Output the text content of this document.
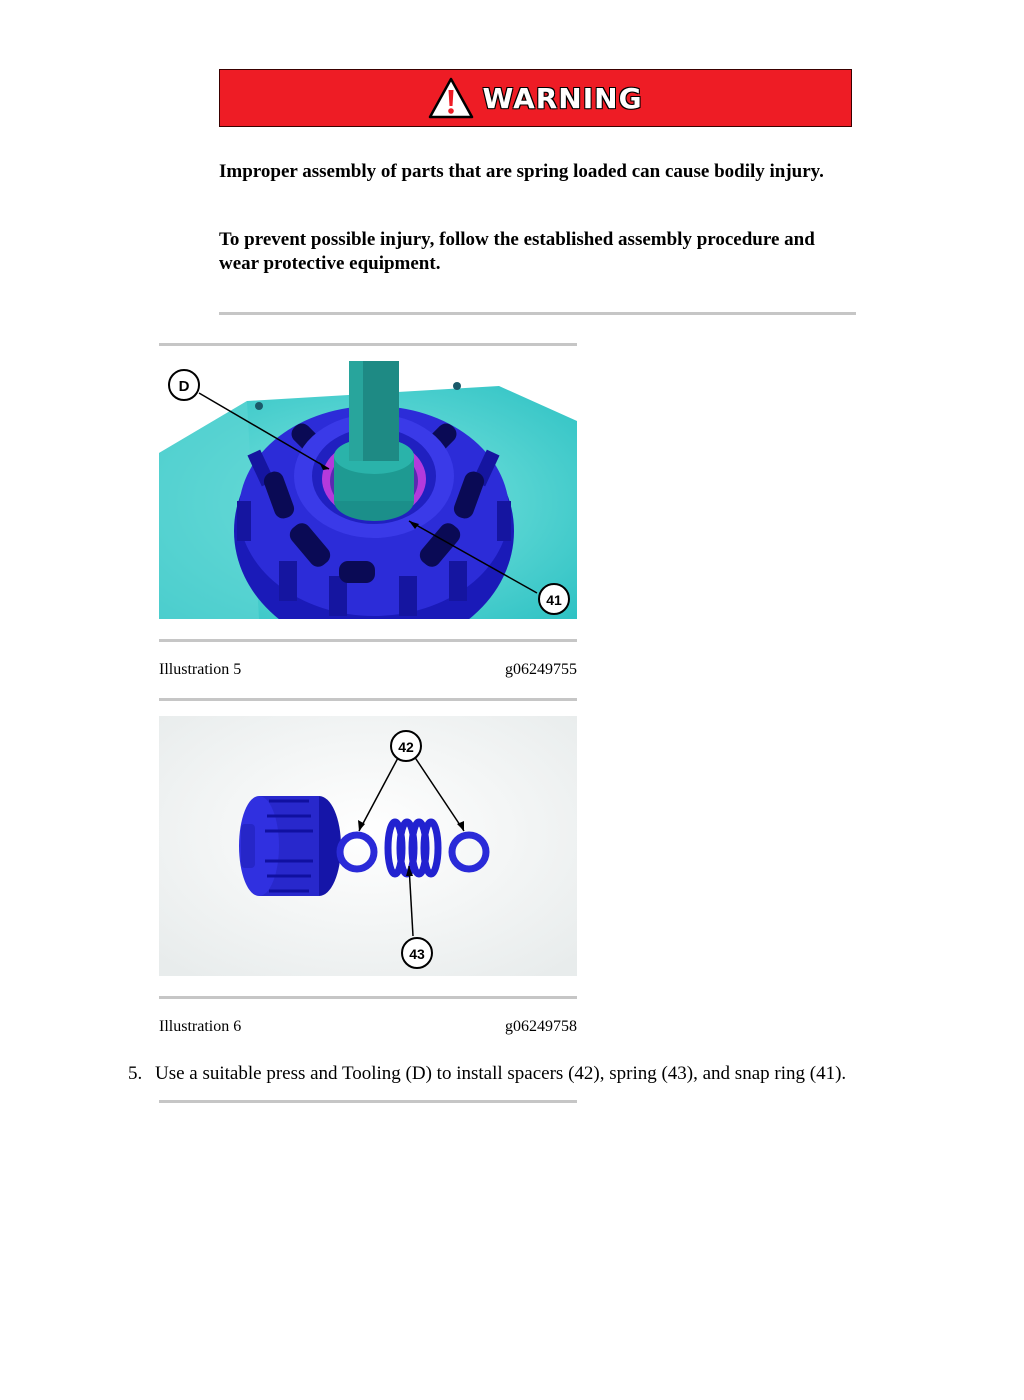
WARNING

Improper assembly of parts that are spring loaded can cause bodily injury.

To prevent possible injury, follow the established assembly procedure and wear protective equipment.

D
41
Illustration 5	g06249755
42
43
Illustration 6	g06249758
5. Use a suitable press and Tooling (D) to install spacers (42), spring (43), and snap ring (41).
